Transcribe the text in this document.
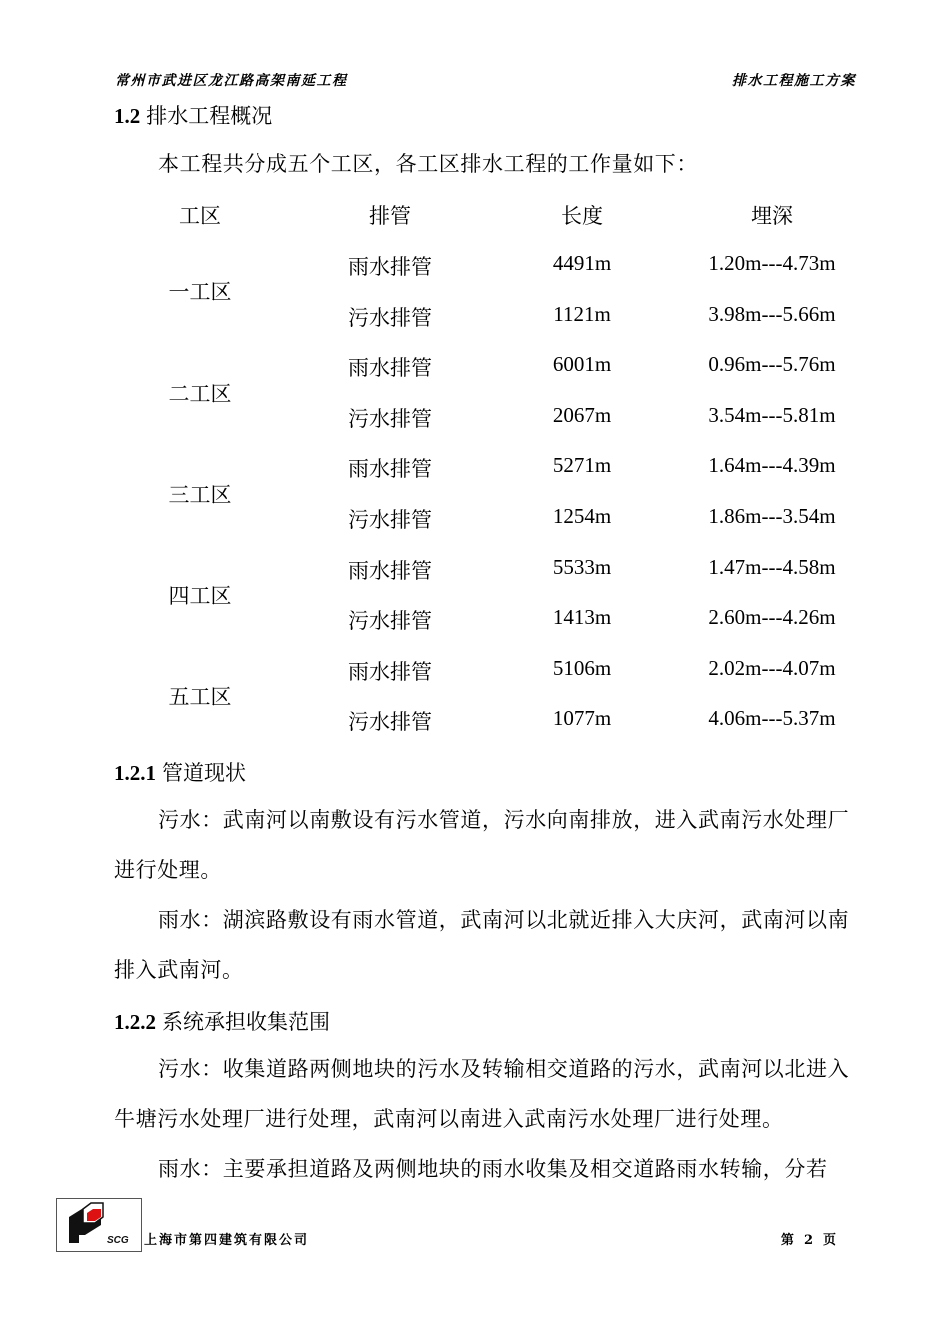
常州市武进区龙江路高架南延工程	排水工程施工方案
1.2 排水工程概况
本工程共分成五个工区，各工区排水工程的工作量如下：
工区	排管	长度	埋深
一工区
雨水排管	4491m	1.20m---4.73m
污水排管	1121m	3.98m---5.66m
二工区
雨水排管	6001m	0.96m---5.76m
污水排管	2067m	3.54m---5.81m
三工区
雨水排管	5271m	1.64m---4.39m
污水排管	1254m	1.86m---3.54m
四工区
雨水排管	5533m	1.47m---4.58m
污水排管	1413m	2.60m---4.26m
五工区
雨水排管	5106m	2.02m---4.07m
污水排管	1077m	4.06m---5.37m
1.2.1 管道现状
污水：武南河以南敷设有污水管道，污水向南排放，进入武南污水处理厂进行处理。
雨水：湖滨路敷设有雨水管道，武南河以北就近排入大庆河，武南河以南排入武南河。
1.2.2 系统承担收集范围
污水：收集道路两侧地块的污水及转输相交道路的污水，武南河以北进入牛塘污水处理厂进行处理，武南河以南进入武南污水处理厂进行处理。
雨水：主要承担道路及两侧地块的雨水收集及相交道路雨水转输，分若
SCG 上海市第四建筑有限公司	第 2 页
